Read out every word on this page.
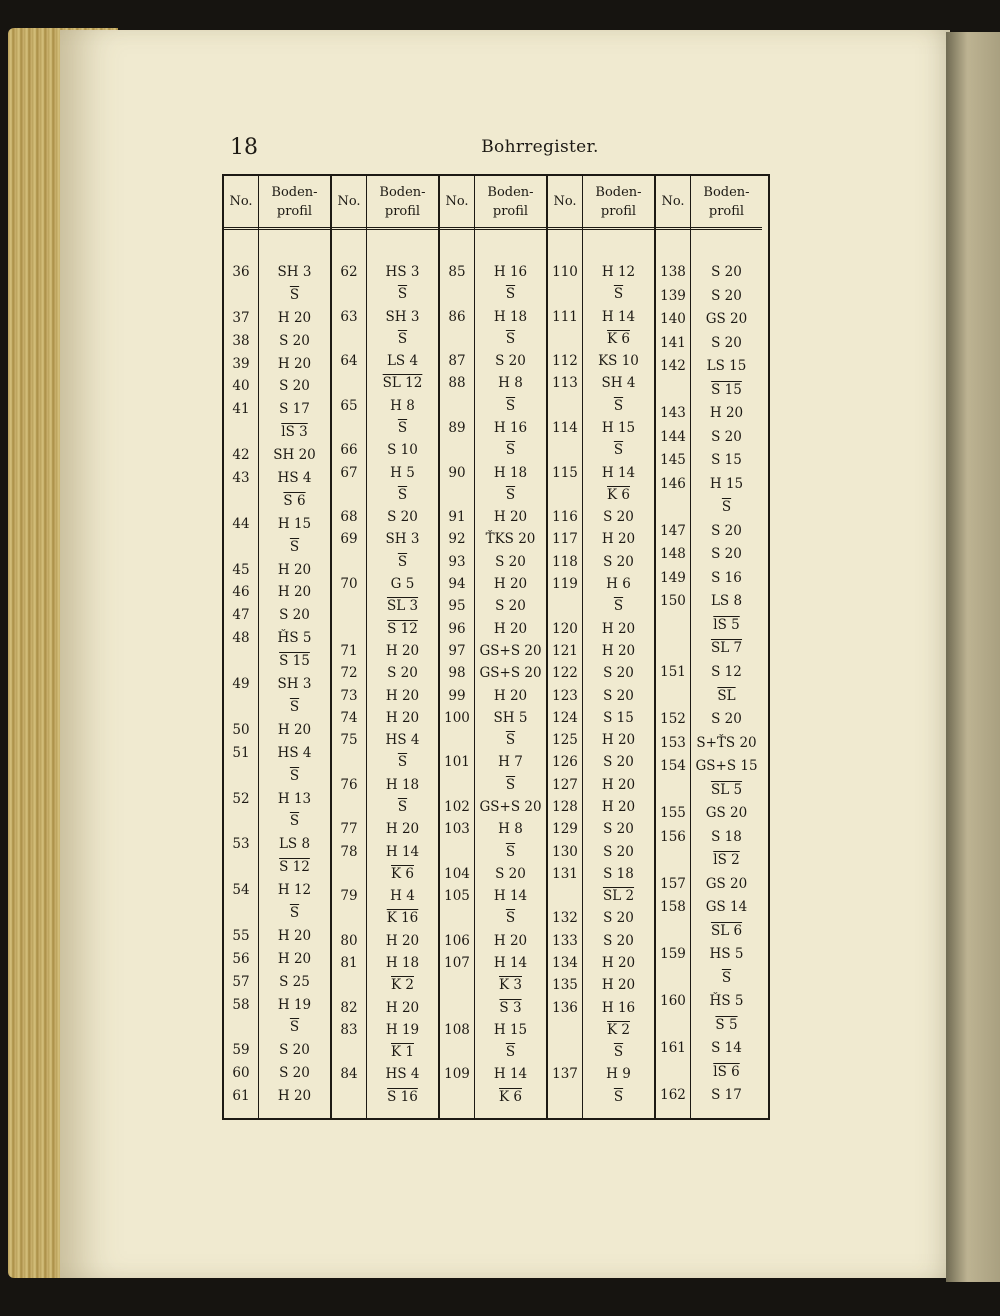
18	Bohrregister.
No.
36
37
38
39
40
41
42
43
44
45
46
47
48
49
50
51
52
53
54
55
56
57
58
59
60
61
Boden-
profil
SH 3
$\overline{S}$
H 20
S 20
H 20
S 20
S 17
lS 3
SH 20
HS 4
S 6
H 15
$\overline{S}$
H 20
H 20
S 20
ȞS 5
S 15
SH 3
$\overline{S}$
H 20
HS 4
$\overline{S}$
H 13
$\overline{S}$
LS 8
S 12
H 12
$\overline{S}$
H 20
H 20
S 25
H 19
$\overline{S}$
S 20
S 20
H 20
No.
62
63
64
65
66
67
68
69
70
71
72
73
74
75
76
77
78
79
80
81
82
83
84
Boden-
profil
HS 3
$\overline{S}$
SH 3
$\overline{S}$
LS 4
SL 12
H 8
$\overline{S}$
S 10
H 5
$\overline{S}$
S 20
SH 3
$\overline{S}$
G 5
SL 3
S 12
H 20
S 20
H 20
H 20
HS 4
$\overline{S}$
H 18
$\overline{S}$
H 20
H 14
K 6
H 4
K 16
H 20
H 18
K 2
H 20
H 19
K 1
HS 4
S 16
No.
85
86
87
88
89
90
91
92
93
94
95
96
97
98
99
100
101
102
103
104
105
106
107
108
109
Boden-
profil
H 16
$\overline{S}$
H 18
$\overline{S}$
S 20
H 8
$\overline{S}$
H 16
$\overline{S}$
H 18
$\overline{S}$
H 20
ŤKS 20
S 20
H 20
S 20
H 20
GS+S 20
GS+S 20
H 20
SH 5
$\overline{S}$
H 7
$\overline{S}$
GS+S 20
H 8
$\overline{S}$
S 20
H 14
$\overline{S}$
H 20
H 14
K 3
S 3
H 15
$\overline{S}$
H 14
K 6
No.
110
111
112
113
114
115
116
117
118
119
120
121
122
123
124
125
126
127
128
129
130
131
132
133
134
135
136
137
Boden-
profil
H 12
$\overline{S}$
H 14
K 6
KS 10
SH 4
$\overline{S}$
H 15
$\overline{S}$
H 14
K 6
S 20
H 20
S 20
H 6
$\overline{S}$
H 20
H 20
S 20
S 20
S 15
H 20
S 20
H 20
H 20
S 20
S 20
S 18
SL 2
S 20
S 20
H 20
H 20
H 16
K 2
$\overline{S}$
H 9
$\overline{S}$
No.
138
139
140
141
142
143
144
145
146
147
148
149
150
151
152
153
154
155
156
157
158
159
160
161
162
Boden-
profil
S 20
S 20
GS 20
S 20
LS 15
S 15
H 20
S 20
S 15
H 15
$\overline{S}$
S 20
S 20
S 16
LS 8
lS 5
SL 7
S 12
$\overline{SL}$
S 20
S+ŤS 20
GS+S 15
SL 5
GS 20
S 18
lS 2
GS 20
GS 14
SL 6
HS 5
$\overline{S}$
ȞS 5
S 5
S 14
lS 6
S 17
